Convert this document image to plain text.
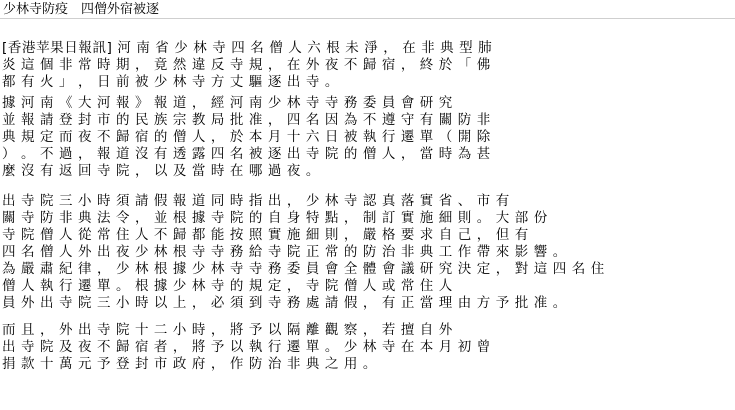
少林寺防疫　四僧外宿被逐
[香港苹果日報訊] 河 南 省 少 林 寺 四 名 僧 人 六 根 未 淨 ， 在 非 典 型 肺
炎 這 個 非 常 時 期 ， 竟 然 違 反 寺 規 ， 在 外 夜 不 歸 宿 ， 終 於 「 佛
都 有 火 」 ， 日 前 被 少 林 寺 方 丈 驅 逐 出 寺 。
據 河 南 《 大 河 報 》 報 道 ， 經 河 南 少 林 寺 寺 務 委 員 會 研 究
並 報 請 登 封 市 的 民 族 宗 教 局 批 准 ， 四 名 因 為 不 遵 守 有 關 防 非
典 規 定 而 夜 不 歸 宿 的 僧 人 ， 於 本 月 十 六 日 被 執 行 遷 單 （ 開 除
） 。 不 過 ， 報 道 沒 有 透 露 四 名 被 逐 出 寺 院 的 僧 人 ， 當 時 為 甚
麼 沒 有 返 回 寺 院 ， 以 及 當 時 在 哪 過 夜 。
出 寺 院 三 小 時 須 請 假 報 道 同 時 指 出 ， 少 林 寺 認 真 落 實 省 、 市 有
關 寺 防 非 典 法 令 ， 並 根 據 寺 院 的 自 身 特 點 ， 制 訂 實 施 細 則 。 大 部 份
寺 院 僧 人 從 常 住 人 不 歸 都 能 按 照 實 施 細 則 ， 嚴 格 要 求 自 己 ， 但 有
四 名 僧 人 外 出 夜 少 林 根 寺 寺 務 給 寺 院 正 常 的 防 治 非 典 工 作 帶 來 影 響 。
為 嚴 肅 紀 律 ， 少 林 根 據 少 林 寺 寺 務 委 員 會 全 體 會 議 研 究 決 定 ， 對 這 四 名 住
僧 人 執 行 遷 單 。 根 據 少 林 寺 的 規 定 ， 寺 院 僧 人 或 常 住 人
員 外 出 寺 院 三 小 時 以 上 ， 必 須 到 寺 務 處 請 假 ， 有 正 當 理 由 方 予 批 准 。
而 且 ， 外 出 寺 院 十 二 小 時 ， 將 予 以 隔 離 觀 察 ， 若 擅 自 外
出 寺 院 及 夜 不 歸 宿 者 ， 將 予 以 執 行 遷 單 。 少 林 寺 在 本 月 初 曾
捐 款 十 萬 元 予 登 封 市 政 府 ， 作 防 治 非 典 之 用 。
